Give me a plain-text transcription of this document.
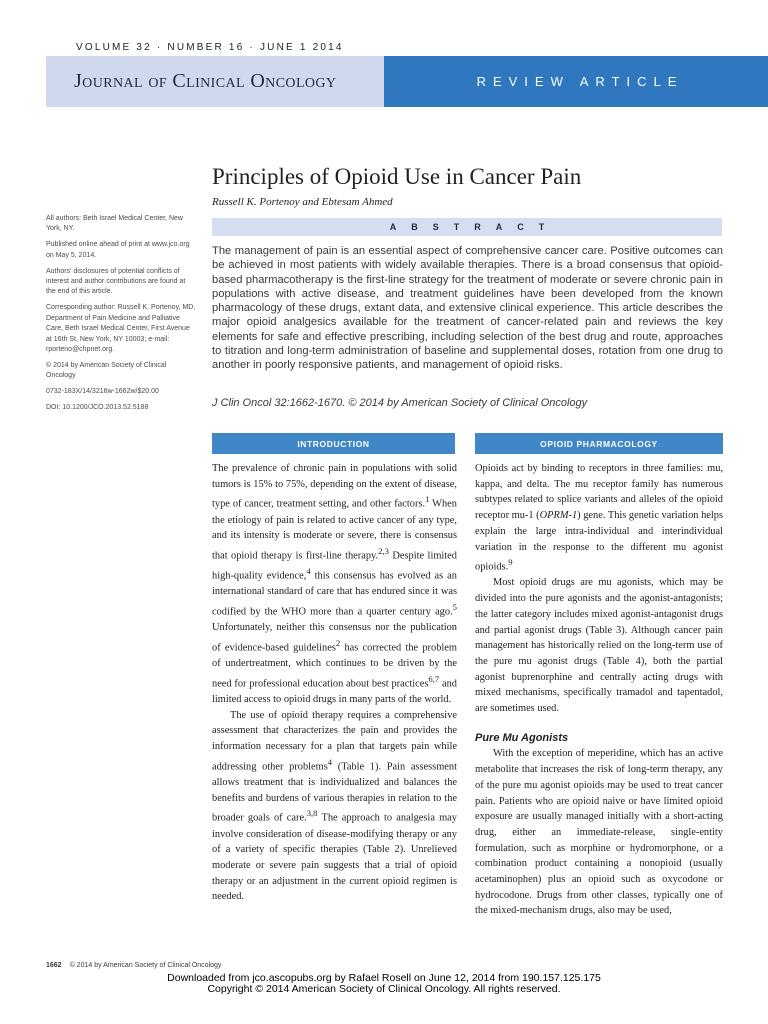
VOLUME 32 · NUMBER 16 · JUNE 1 2014
Journal of Clinical Oncology	REVIEW ARTICLE
Principles of Opioid Use in Cancer Pain
Russell K. Portenoy and Ebtesam Ahmed

All authors: Beth Israel Medical Center, New York, NY.

Published online ahead of print at www.jco.org on May 5, 2014.

Authors' disclosures of potential conflicts of interest and author contributions are found at the end of this article.

Corresponding author: Russell K. Portenoy, MD, Department of Pain Medicine and Palliative Care, Beth Israel Medical Center, First Avenue at 16th St, New York, NY 10003; e-mail: rporteno@chpnet.org.

© 2014 by American Society of Clinical Oncology

0732-183X/14/3216w-1662w/$20.00

DOI: 10.1200/JCO.2013.52.5188

ABSTRACT

The management of pain is an essential aspect of comprehensive cancer care. Positive outcomes can be achieved in most patients with widely available therapies. There is a broad consensus that opioid-based pharmacotherapy is the first-line strategy for the treatment of moderate or severe chronic pain in populations with active disease, and treatment guidelines have been developed from the known pharmacology of these drugs, extant data, and extensive clinical experience. This article describes the major opioid analgesics available for the treatment of cancer-related pain and reviews the key elements for safe and effective prescribing, including selection of the best drug and route, approaches to titration and long-term administration of baseline and supplemental doses, rotation from one drug to another in poorly responsive patients, and management of opioid risks.

J Clin Oncol 32:1662-1670. © 2014 by American Society of Clinical Oncology
INTRODUCTION	OPIOID PHARMACOLOGY

The prevalence of chronic pain in populations with solid tumors is 15% to 75%, depending on the extent of disease, type of cancer, treatment setting, and other factors.$^1$ When the etiology of pain is related to active cancer of any type, and its intensity is moderate or severe, there is consensus that opioid therapy is first-line therapy.$^{2,3}$ Despite limited high-quality evidence,$^4$ this consensus has evolved as an international standard of care that has endured since it was codified by the WHO more than a quarter century ago.$^5$ Unfortunately, neither this consensus nor the publication of evidence-based guidelines$^2$ has corrected the problem of undertreatment, which continues to be driven by the need for professional education about best practices$^{6,7}$ and limited access to opioid drugs in many parts of the world.

The use of opioid therapy requires a comprehensive assessment that characterizes the pain and provides the information necessary for a plan that targets pain while addressing other problems$^4$ (Table 1). Pain assessment allows treatment that is individualized and balances the benefits and burdens of various therapies in relation to the broader goals of care.$^{3,8}$ The approach to analgesia may involve consideration of disease-modifying therapy or any of a variety of specific therapies (Table 2). Unrelieved moderate or severe pain suggests that a trial of opioid therapy or an adjustment in the current opioid regimen is needed.

Opioids act by binding to receptors in three families: mu, kappa, and delta. The mu receptor family has numerous subtypes related to splice variants and alleles of the opioid receptor mu-1 (OPRM-1) gene. This genetic variation helps explain the large intra-individual and interindividual variation in the response to the different mu agonist opioids.$^9$

Most opioid drugs are mu agonists, which may be divided into the pure agonists and the agonist-antagonists; the latter category includes mixed agonist-antagonist drugs and partial agonist drugs (Table 3). Although cancer pain management has historically relied on the long-term use of the pure mu agonist drugs (Table 4), both the partial agonist buprenorphine and centrally acting drugs with mixed mechanisms, specifically tramadol and tapentadol, are sometimes used.

Pure Mu Agonists

With the exception of meperidine, which has an active metabolite that increases the risk of long-term therapy, any of the pure mu agonist opioids may be used to treat cancer pain. Patients who are opioid naive or have limited opioid exposure are usually managed initially with a short-acting drug, either an immediate-release, single-entity formulation, such as morphine or hydromorphone, or a combination product containing a nonopioid (usually acetaminophen) plus an opioid such as oxycodone or hydrocodone. Drugs from other classes, typically one of the mixed-mechanism drugs, also may be used,

1662 © 2014 by American Society of Clinical Oncology
Downloaded from jco.ascopubs.org by Rafael Rosell on June 12, 2014 from 190.157.125.175
Copyright © 2014 American Society of Clinical Oncology. All rights reserved.
